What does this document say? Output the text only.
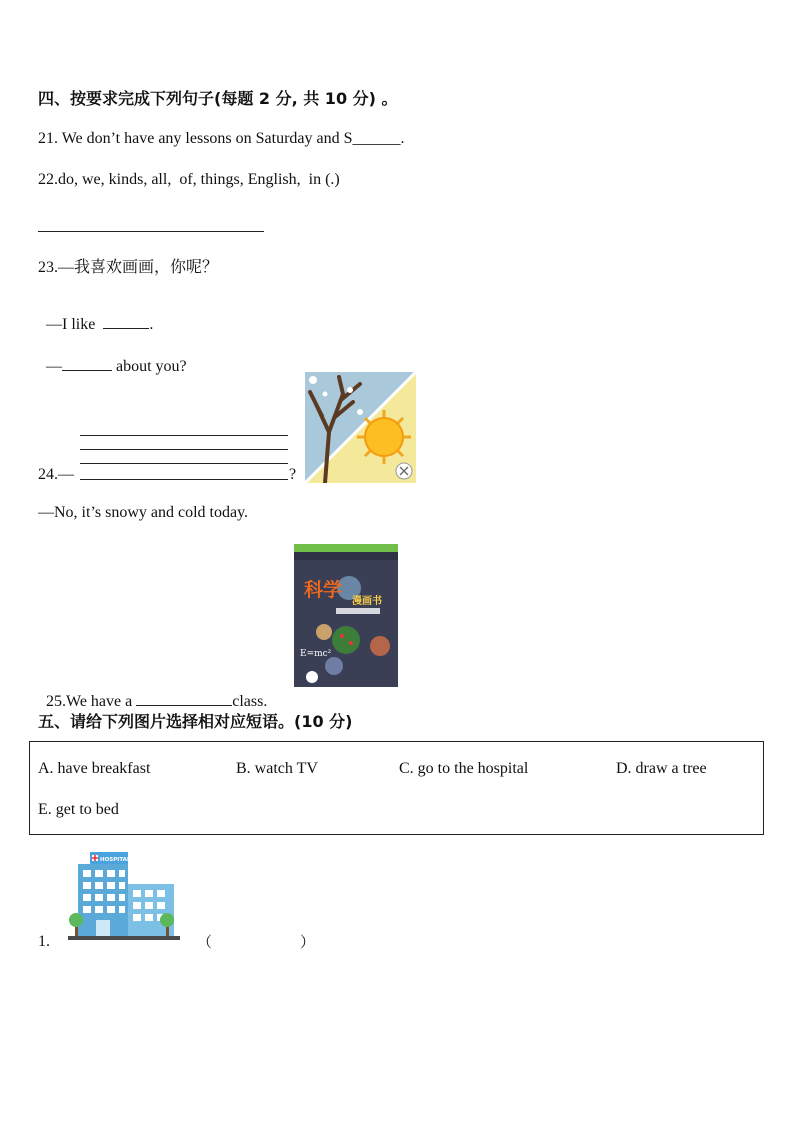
四、按要求完成下列句子(每题 2 分, 共 10 分) 。
21. We don’t have any lessons on Saturday and S______.
22.do, we, kinds, all,  of, things, English,  in (.)
23.—我喜欢画画，你呢？

—I like	.

—	about you?

24.—	?
—No, it’s snowy and cold today.
科学
漫画书
E=mc²

25.We have a	class.

五、请给下列图片选择相对应短语。(10 分)
A. have breakfast	B. watch TV	C. go to the hospital	D. draw a tree
E. get to bed
1.
HOSPITAL
（	）
